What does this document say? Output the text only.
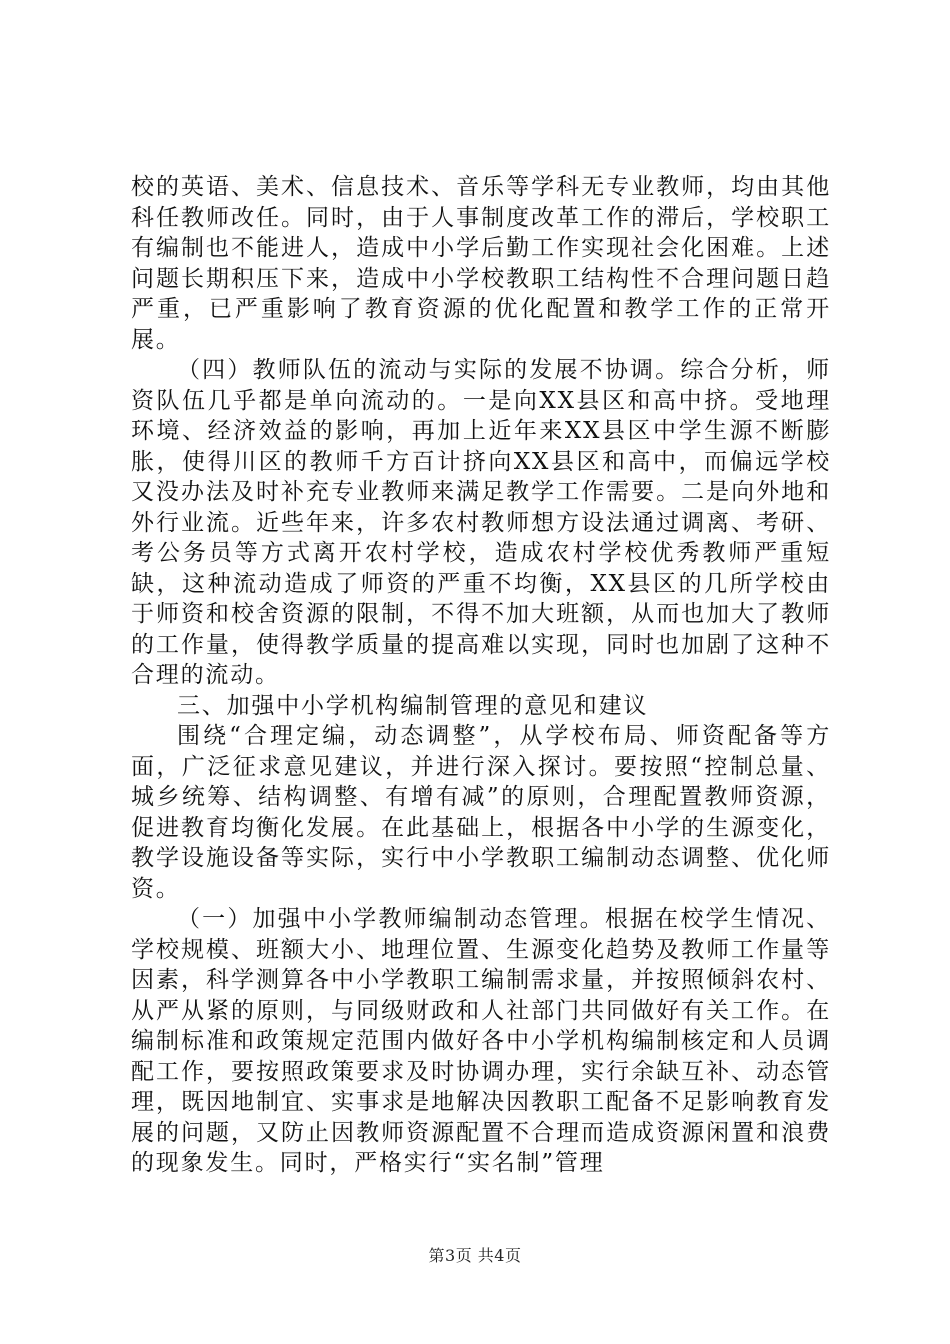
校的英语、美术、信息技术、音乐等学科无专业教师，均由其他科任教师改任。同时，由于人事制度改革工作的滞后，学校职工有编制也不能进人，造成中小学后勤工作实现社会化困难。上述问题长期积压下来，造成中小学校教职工结构性不合理问题日趋严重，已严重影响了教育资源的优化配置和教学工作的正常开展。

（四）教师队伍的流动与实际的发展不协调。综合分析，师资队伍几乎都是单向流动的。一是向XX县区和高中挤。受地理环境、经济效益的影响，再加上近年来XX县区中学生源不断膨胀，使得川区的教师千方百计挤向XX县区和高中，而偏远学校又没办法及时补充专业教师来满足教学工作需要。二是向外地和外行业流。近些年来，许多农村教师想方设法通过调离、考研、考公务员等方式离开农村学校，造成农村学校优秀教师严重短缺，这种流动造成了师资的严重不均衡，XX县区的几所学校由于师资和校舍资源的限制，不得不加大班额，从而也加大了教师的工作量，使得教学质量的提高难以实现，同时也加剧了这种不合理的流动。

三、加强中小学机构编制管理的意见和建议

围绕“合理定编，动态调整”，从学校布局、师资配备等方面，广泛征求意见建议，并进行深入探讨。要按照“控制总量、城乡统筹、结构调整、有增有减”的原则，合理配置教师资源，促进教育均衡化发展。在此基础上，根据各中小学的生源变化，教学设施设备等实际，实行中小学教职工编制动态调整、优化师资。

（一）加强中小学教师编制动态管理。根据在校学生情况、学校规模、班额大小、地理位置、生源变化趋势及教师工作量等因素，科学测算各中小学教职工编制需求量，并按照倾斜农村、从严从紧的原则，与同级财政和人社部门共同做好有关工作。在编制标准和政策规定范围内做好各中小学机构编制核定和人员调配工作，要按照政策要求及时协调办理，实行余缺互补、动态管理，既因地制宜、实事求是地解决因教职工配备不足影响教育发展的问题，又防止因教师资源配置不合理而造成资源闲置和浪费的现象发生。同时，严格实行“实名制”管理

第3页 共4页
